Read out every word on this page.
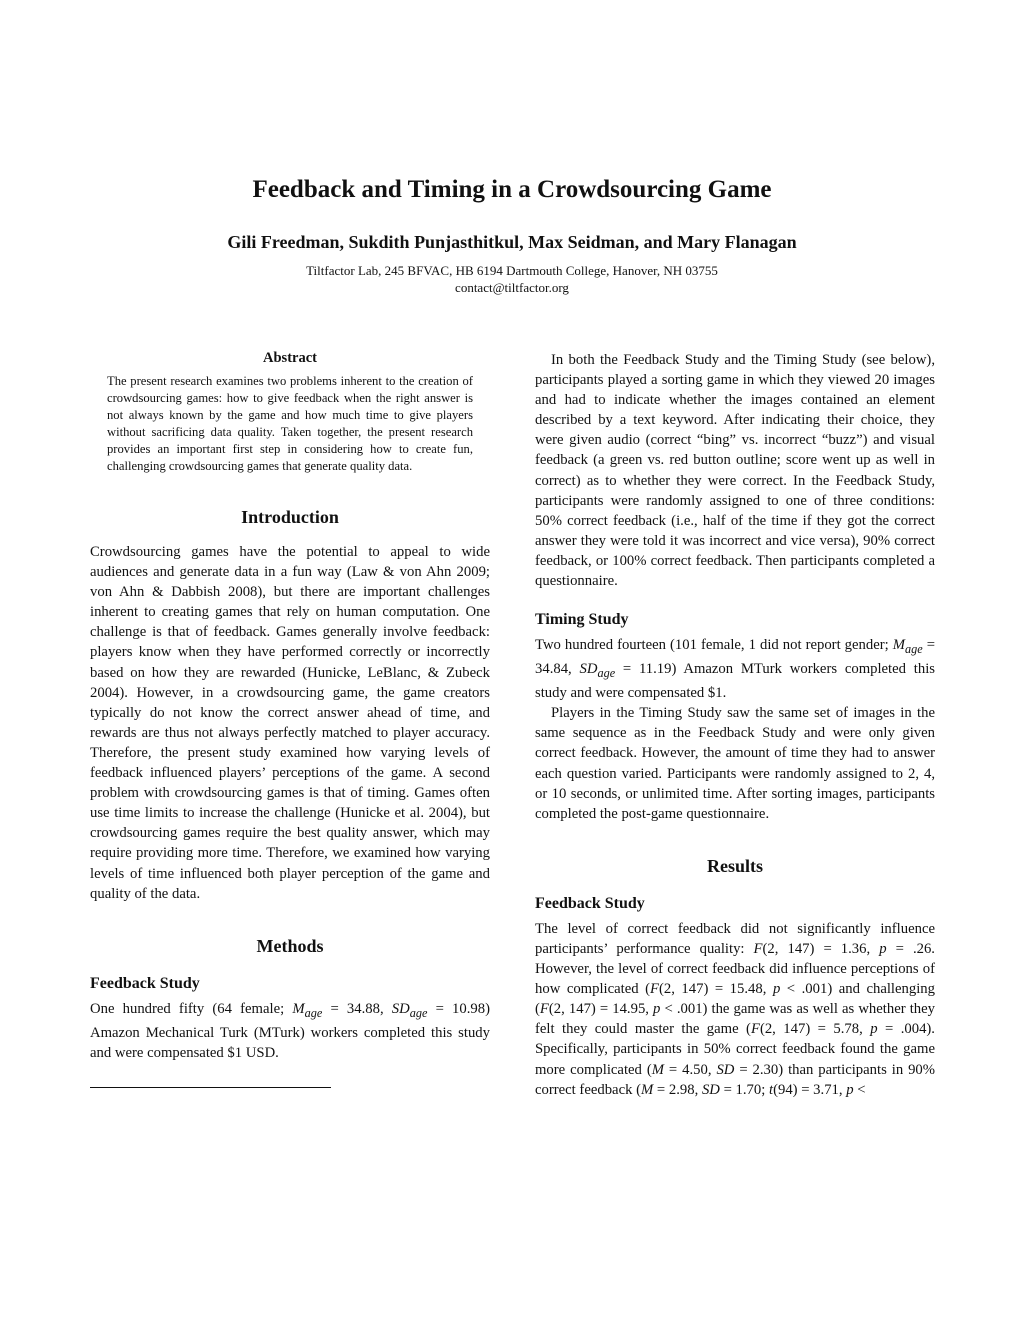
Feedback and Timing in a Crowdsourcing Game
Gili Freedman, Sukdith Punjasthitkul, Max Seidman, and Mary Flanagan
Tiltfactor Lab, 245 BFVAC, HB 6194 Dartmouth College, Hanover, NH 03755
contact@tiltfactor.org
Abstract

The present research examines two problems inherent to the creation of crowdsourcing games: how to give feedback when the right answer is not always known by the game and how much time to give players without sacrificing data quality. Taken together, the present research provides an important first step in considering how to create fun, challenging crowdsourcing games that generate quality data.

Introduction

Crowdsourcing games have the potential to appeal to wide audiences and generate data in a fun way (Law & von Ahn 2009; von Ahn & Dabbish 2008), but there are important challenges inherent to creating games that rely on human computation. One challenge is that of feedback. Games generally involve feedback: players know when they have performed correctly or incorrectly based on how they are rewarded (Hunicke, LeBlanc, & Zubeck 2004). However, in a crowdsourcing game, the game creators typically do not know the correct answer ahead of time, and rewards are thus not always perfectly matched to player accuracy. Therefore, the present study examined how varying levels of feedback influenced players’ perceptions of the game. A second problem with crowdsourcing games is that of timing. Games often use time limits to increase the challenge (Hunicke et al. 2004), but crowdsourcing games require the best quality answer, which may require providing more time. Therefore, we examined how varying levels of time influenced both player perception of the game and quality of the data.

Methods
Feedback Study

One hundred fifty (64 female; $M_{age} = 34.88$, $SD_{age} = 10.98$) Amazon Mechanical Turk (MTurk) workers completed this study and were compensated $1 USD.

In both the Feedback Study and the Timing Study (see below), participants played a sorting game in which they viewed 20 images and had to indicate whether the images contained an element described by a text keyword. After indicating their choice, they were given audio (correct “bing” vs. incorrect “buzz”) and visual feedback (a green vs. red button outline; score went up as well in correct) as to whether they were correct. In the Feedback Study, participants were randomly assigned to one of three conditions: 50% correct feedback (i.e., half of the time if they got the correct answer they were told it was incorrect and vice versa), 90% correct feedback, or 100% correct feedback. Then participants completed a questionnaire.

Timing Study

Two hundred fourteen (101 female, 1 did not report gender; $M_{age} = 34.84$, $SD_{age} = 11.19$) Amazon MTurk workers completed this study and were compensated $1.

Players in the Timing Study saw the same set of images in the same sequence as in the Feedback Study and were only given correct feedback. However, the amount of time they had to answer each question varied. Participants were randomly assigned to 2, 4, or 10 seconds, or unlimited time. After sorting images, participants completed the post-game questionnaire.

Results
Feedback Study

The level of correct feedback did not significantly influence participants’ performance quality: F(2, 147) = 1.36, p = .26. However, the level of correct feedback did influence perceptions of how complicated (F(2, 147) = 15.48, p < .001) and challenging (F(2, 147) = 14.95, p < .001) the game was as well as whether they felt they could master the game (F(2, 147) = 5.78, p = .004). Specifically, participants in 50% correct feedback found the game more complicated (M = 4.50, SD = 2.30) than participants in 90% correct feedback (M = 2.98, SD = 1.70; t(94) = 3.71, p <
